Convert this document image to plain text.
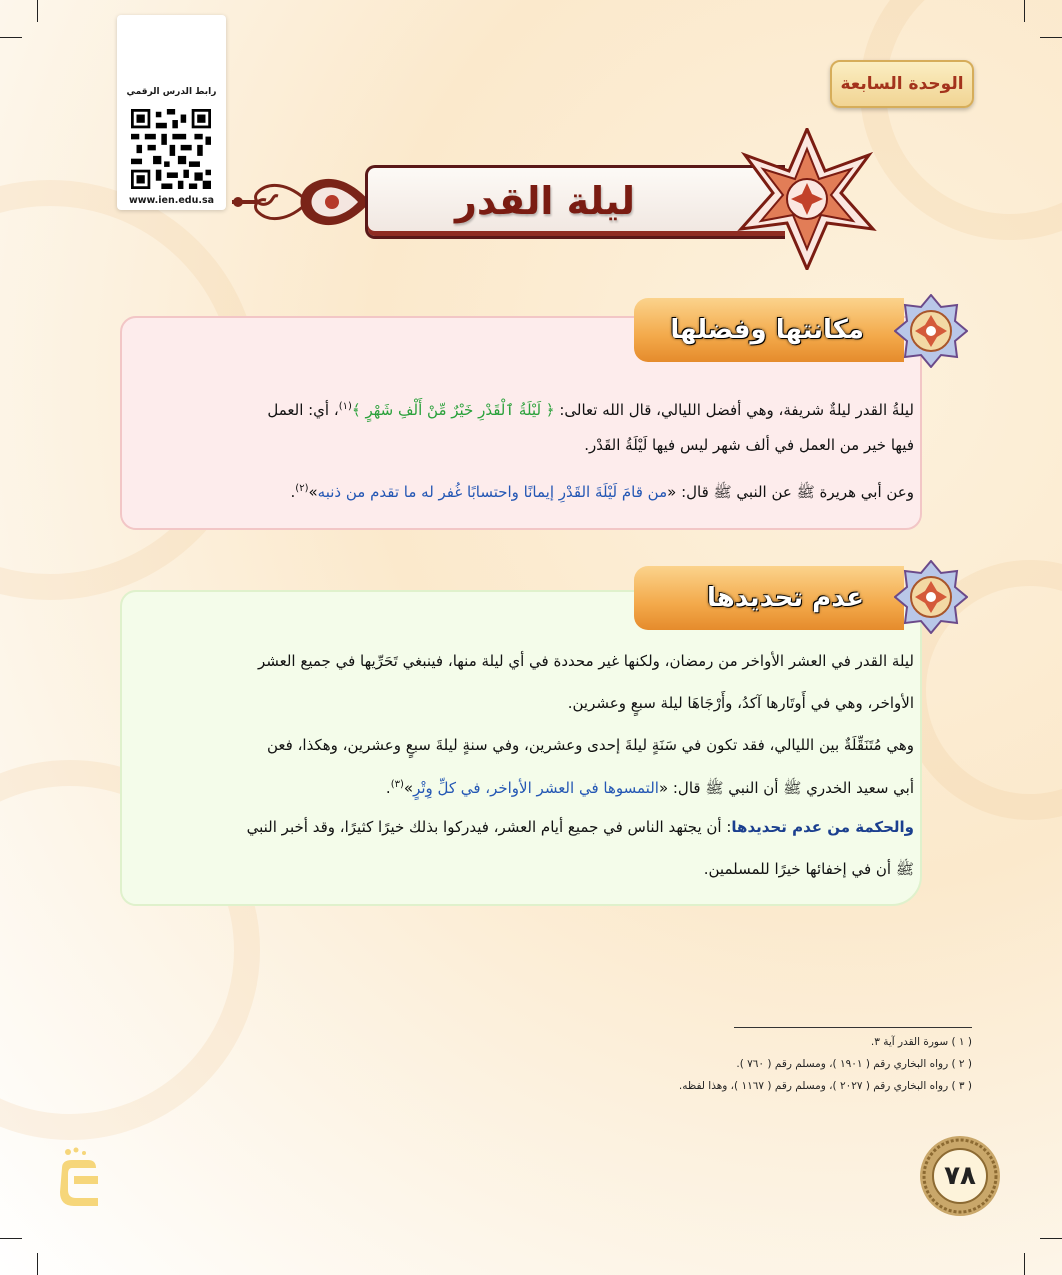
رابط الدرس الرقمي
www.ien.edu.sa
الوحدة السابعة
ليلة القدر
مكانتها وفضلها
ليلةُ القدر ليلةٌ شريفة، وهي أفضل الليالي، قال الله تعالى: ﴿ لَيْلَةُ ٱلْقَدْرِ خَيْرٌ مِّنْ أَلْفِ شَهْرٍ ﴾$^{(١)}$، أي: العمل
فيها خير من العمل في ألف شهر ليس فيها لَيْلَةُ القَدْر.
وعن أبي هريرة ﷺ عن النبي ﷺ قال: «من قامَ لَيْلَةَ القَدْرِ إيمانًا واحتسابًا غُفر له ما تقدم من ذنبه»$^{(٢)}$.
عدم تحديدها
ليلة القدر في العشر الأواخر من رمضان، ولكنها غير محددة في أي ليلة منها، فينبغي تَحَرِّيها في جميع العشر
الأواخر، وهي في أَوتَارها آكدُ، وأَرْجَاهَا ليلة سبعٍ وعشرين.
وهي مُتَنَقِّلَةٌ بين الليالي، فقد تكون في سَنَةٍ ليلةَ إحدى وعشرين، وفي سنةٍ ليلةَ سبعٍ وعشرين، وهكذا، فعن
أبي سعيد الخدري ﷺ أن النبي ﷺ قال: «التمسوها في العشر الأواخر، في كلِّ وِتْرٍ»$^{(٣)}$.
والحكمة من عدم تحديدها: أن يجتهد الناس في جميع أيام العشر، فيدركوا بذلك خيرًا كثيرًا، وقد أخبر النبي
ﷺ أن في إخفائها خيرًا للمسلمين.
( ١ ) سورة القدر آية ٣.
( ٢ ) رواه البخاري رقم ( ١٩٠١ )، ومسلم رقم ( ٧٦٠ ).
( ٣ ) رواه البخاري رقم ( ٢٠٢٧ )، ومسلم رقم ( ١١٦٧ )، وهذا لفظه.
٧٨
